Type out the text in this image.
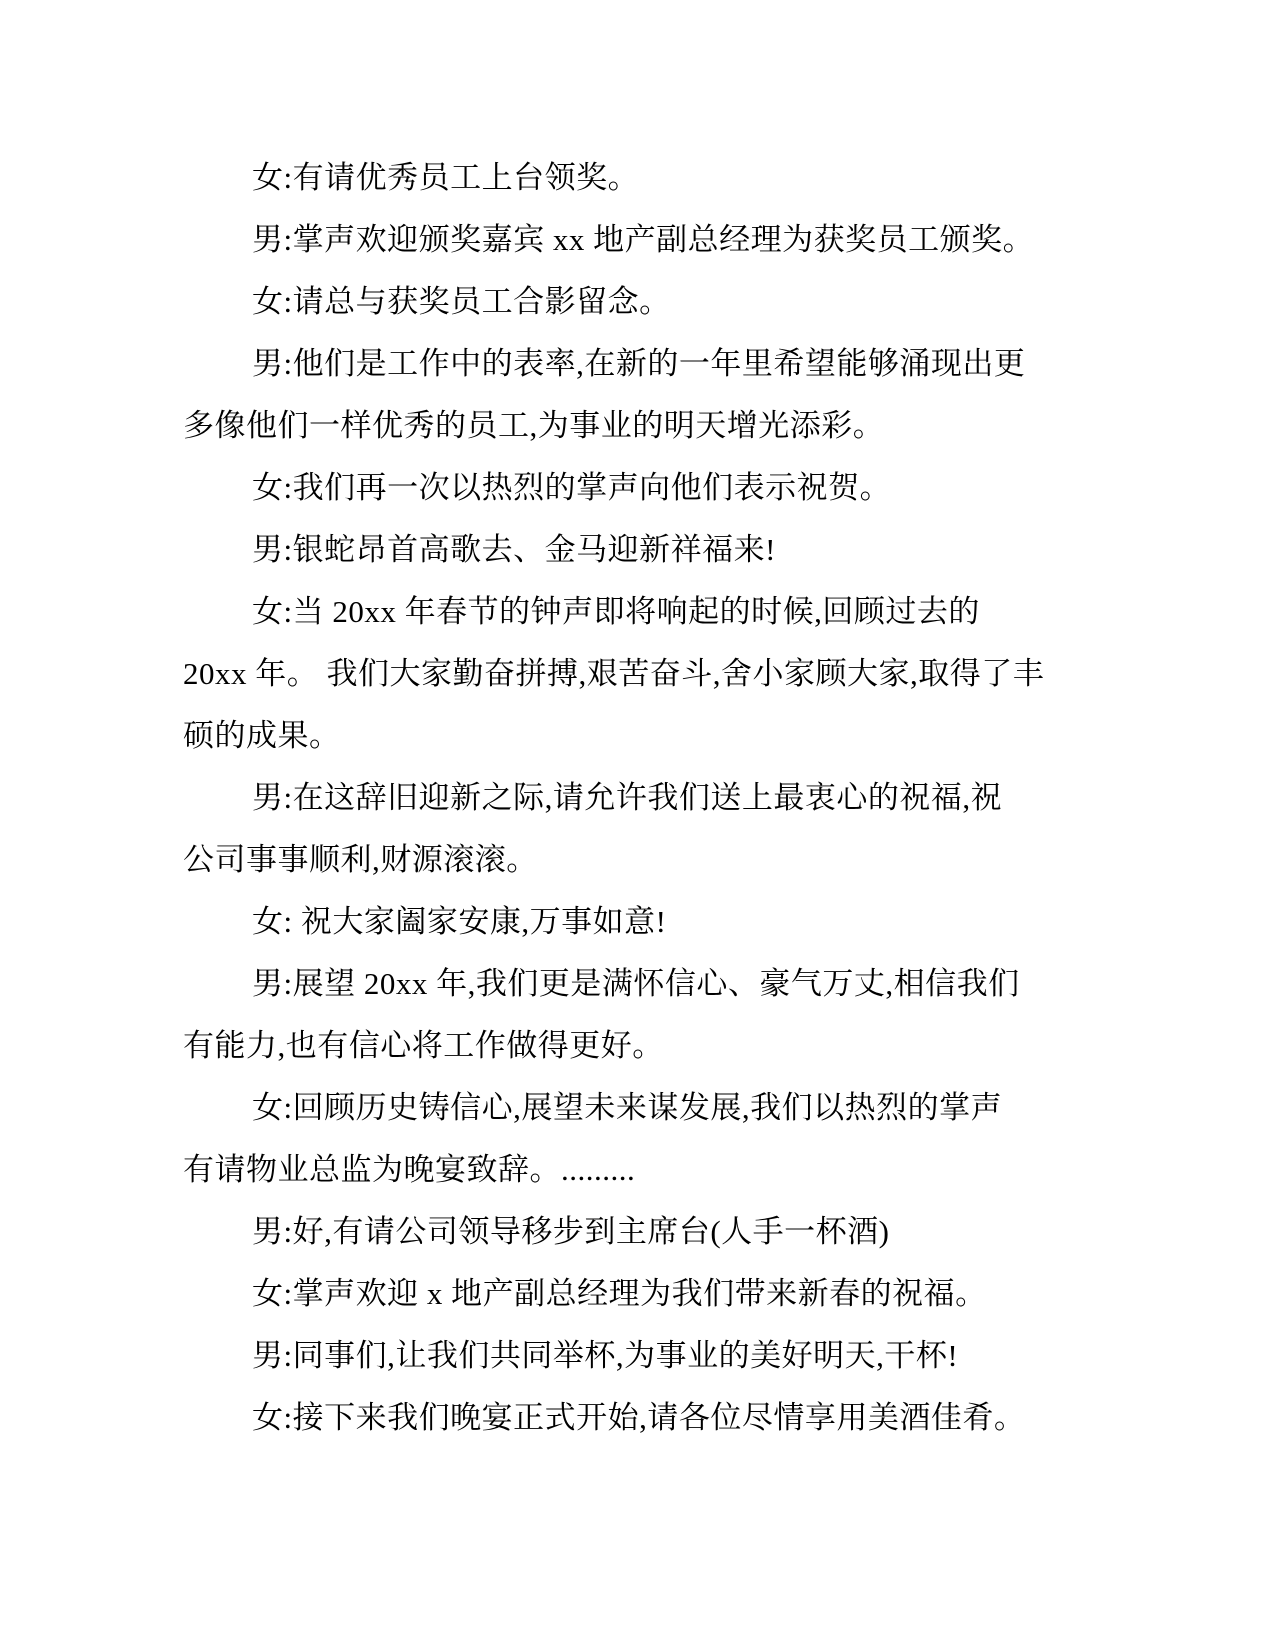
女:有请优秀员工上台领奖。
男:掌声欢迎颁奖嘉宾 xx 地产副总经理为获奖员工颁奖。
女:请总与获奖员工合影留念。
男:他们是工作中的表率,在新的一年里希望能够涌现出更
多像他们一样优秀的员工,为事业的明天增光添彩。
女:我们再一次以热烈的掌声向他们表示祝贺。
男:银蛇昂首高歌去、金马迎新祥福来!
女:当 20xx 年春节的钟声即将响起的时候,回顾过去的
20xx 年。 我们大家勤奋拼搏,艰苦奋斗,舍小家顾大家,取得了丰
硕的成果。
男:在这辞旧迎新之际,请允许我们送上最衷心的祝福,祝
公司事事顺利,财源滚滚。
女: 祝大家阖家安康,万事如意!
男:展望 20xx 年,我们更是满怀信心、豪气万丈,相信我们
有能力,也有信心将工作做得更好。
女:回顾历史铸信心,展望未来谋发展,我们以热烈的掌声
有请物业总监为晚宴致辞。.........
男:好,有请公司领导移步到主席台(人手一杯酒)
女:掌声欢迎 x 地产副总经理为我们带来新春的祝福。
男:同事们,让我们共同举杯,为事业的美好明天,干杯!
女:接下来我们晚宴正式开始,请各位尽情享用美酒佳肴。
